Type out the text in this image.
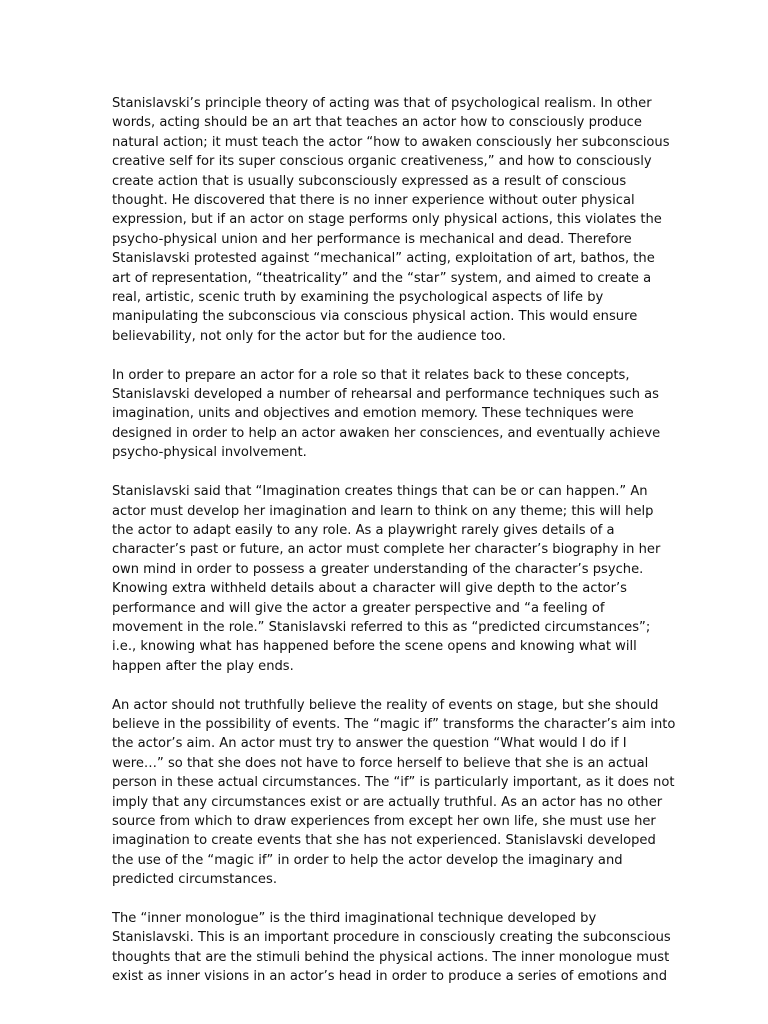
Stanislavski’s principle theory of acting was that of psychological realism. In other
words, acting should be an art that teaches an actor how to consciously produce
natural action; it must teach the actor “how to awaken consciously her subconscious
creative self for its super conscious organic creativeness,” and how to consciously
create action that is usually subconsciously expressed as a result of conscious
thought. He discovered that there is no inner experience without outer physical
expression, but if an actor on stage performs only physical actions, this violates the
psycho-physical union and her performance is mechanical and dead. Therefore
Stanislavski protested against “mechanical” acting, exploitation of art, bathos, the
art of representation, “theatricality” and the “star” system, and aimed to create a
real, artistic, scenic truth by examining the psychological aspects of life by
manipulating the subconscious via conscious physical action. This would ensure
believability, not only for the actor but for the audience too.

In order to prepare an actor for a role so that it relates back to these concepts,
Stanislavski developed a number of rehearsal and performance techniques such as
imagination, units and objectives and emotion memory. These techniques were
designed in order to help an actor awaken her consciences, and eventually achieve
psycho-physical involvement.

Stanislavski said that “Imagination creates things that can be or can happen.” An
actor must develop her imagination and learn to think on any theme; this will help
the actor to adapt easily to any role. As a playwright rarely gives details of a
character’s past or future, an actor must complete her character’s biography in her
own mind in order to possess a greater understanding of the character’s psyche.
Knowing extra withheld details about a character will give depth to the actor’s
performance and will give the actor a greater perspective and “a feeling of
movement in the role.” Stanislavski referred to this as “predicted circumstances”;
i.e., knowing what has happened before the scene opens and knowing what will
happen after the play ends.

An actor should not truthfully believe the reality of events on stage, but she should
believe in the possibility of events. The “magic if” transforms the character’s aim into
the actor’s aim. An actor must try to answer the question “What would I do if I
were…” so that she does not have to force herself to believe that she is an actual
person in these actual circumstances. The “if” is particularly important, as it does not
imply that any circumstances exist or are actually truthful. As an actor has no other
source from which to draw experiences from except her own life, she must use her
imagination to create events that she has not experienced. Stanislavski developed
the use of the “magic if” in order to help the actor develop the imaginary and
predicted circumstances.

The “inner monologue” is the third imaginational technique developed by
Stanislavski. This is an important procedure in consciously creating the subconscious
thoughts that are the stimuli behind the physical actions. The inner monologue must
exist as inner visions in an actor’s head in order to produce a series of emotions and
